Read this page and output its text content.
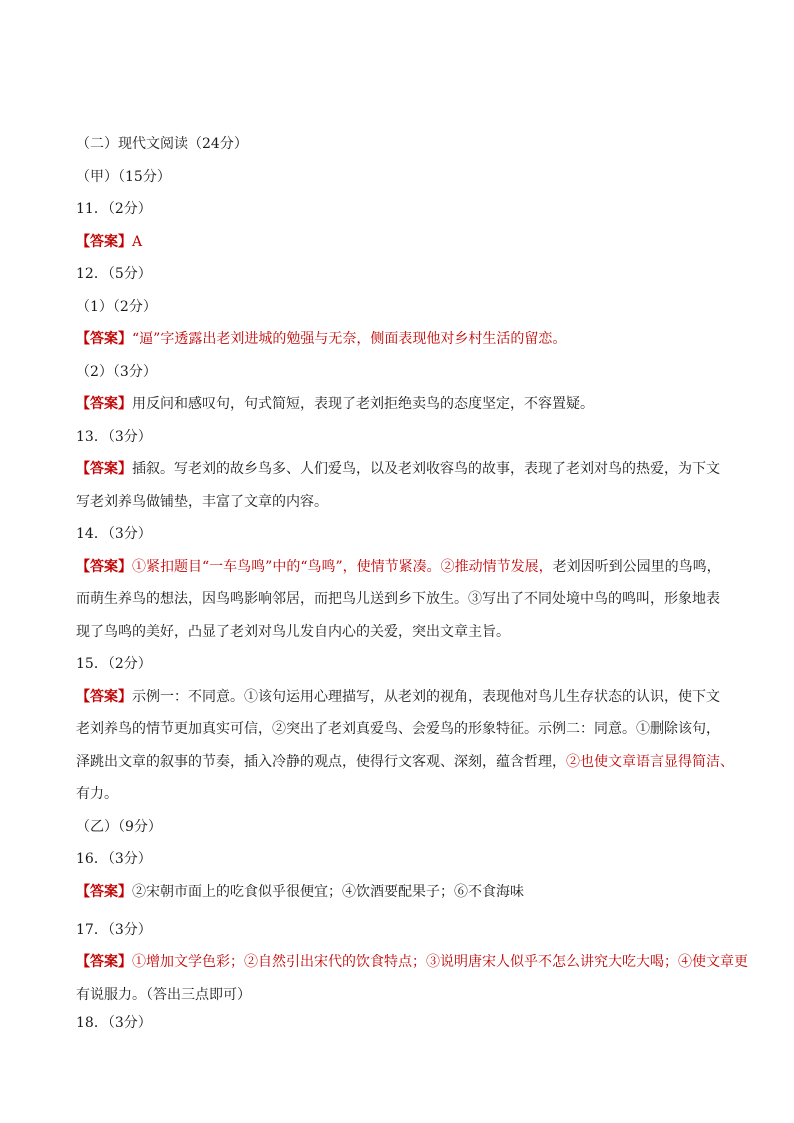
（二）现代文阅读（24分）
（甲）（15分）
11．（2分）
【答案】A
12．（5分）
（1）（2分）
【答案】“逼”字透露出老刘进城的勉强与无奈，侧面表现他对乡村生活的留恋。
（2）（3分）
【答案】用反问和感叹句，句式简短，表现了老刘拒绝卖鸟的态度坚定，不容置疑。
13．（3分）
【答案】插叙。写老刘的故乡鸟多、人们爱鸟，以及老刘收容鸟的故事，表现了老刘对鸟的热爱，为下文
写老刘养鸟做铺垫，丰富了文章的内容。
14．（3分）
【答案】①紧扣题目“一车鸟鸣”中的“鸟鸣”，使情节紧凑。②推动情节发展，老刘因听到公园里的鸟鸣，
而萌生养鸟的想法，因鸟鸣影响邻居，而把鸟儿送到乡下放生。③写出了不同处境中鸟的鸣叫，形象地表
现了鸟鸣的美好，凸显了老刘对鸟儿发自内心的关爱，突出文章主旨。
15．（2分）
【答案】示例一：不同意。①该句运用心理描写，从老刘的视角，表现他对鸟儿生存状态的认识，使下文
老刘养鸟的情节更加真实可信，②突出了老刘真爱鸟、会爱鸟的形象特征。示例二：同意。①删除该句，
泽跳出文章的叙事的节奏，插入冷静的观点，使得行文客观、深刻，蕴含哲理，②也使文章语言显得简洁、
有力。
（乙）（9分）
16．（3分）
【答案】②宋朝市面上的吃食似乎很便宜；④饮酒要配果子；⑥不食海味
17．（3分）
【答案】①增加文学色彩；②自然引出宋代的饮食特点；③说明唐宋人似乎不怎么讲究大吃大喝；④使文章更
有说服力。（答出三点即可）
18．（3分）
